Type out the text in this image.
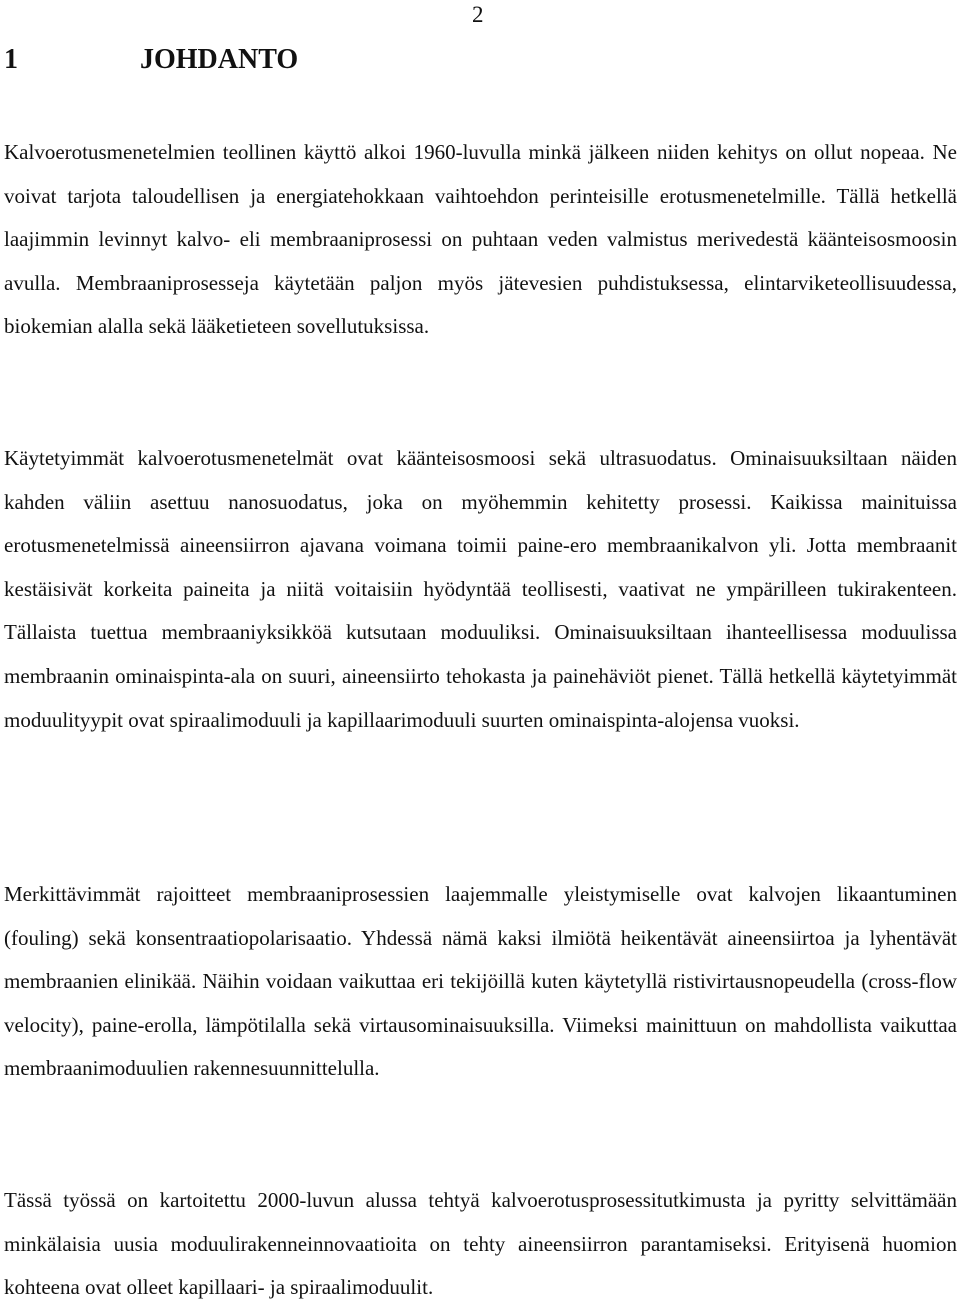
2
1	JOHDANTO

Kalvoerotusmenetelmien teollinen käyttö alkoi 1960-luvulla minkä jälkeen niiden kehitys on ollut nopeaa. Ne voivat tarjota taloudellisen ja energiatehokkaan vaihtoehdon perinteisille erotusmenetelmille. Tällä hetkellä laajimmin levinnyt kalvo- eli membraaniprosessi on puhtaan veden valmistus merivedestä käänteisosmoosin avulla. Membraaniprosesseja käytetään paljon myös jätevesien puhdistuksessa, elintarviketeollisuudessa, biokemian alalla sekä lääketieteen sovellutuksissa.

Käytetyimmät kalvoerotusmenetelmät ovat käänteisosmoosi sekä ultrasuodatus. Ominaisuuksiltaan näiden kahden väliin asettuu nanosuodatus, joka on myöhemmin kehitetty prosessi. Kaikissa mainituissa erotusmenetelmissä aineensiirron ajavana voimana toimii paine-ero membraanikalvon yli. Jotta membraanit kestäisivät korkeita paineita ja niitä voitaisiin hyödyntää teollisesti, vaativat ne ympärilleen tukirakenteen. Tällaista tuettua membraaniyksikköä kutsutaan moduuliksi. Ominaisuuksiltaan ihanteellisessa moduulissa membraanin ominaispinta-ala on suuri, aineensiirto tehokasta ja painehäviöt pienet. Tällä hetkellä käytetyimmät moduulityypit ovat spiraalimoduuli ja kapillaarimoduuli suurten ominaispinta-alojensa vuoksi.

Merkittävimmät rajoitteet membraaniprosessien laajemmalle yleistymiselle ovat kalvojen likaantuminen (fouling) sekä konsentraatiopolarisaatio. Yhdessä nämä kaksi ilmiötä heikentävät aineensiirtoa ja lyhentävät membraanien elinikää. Näihin voidaan vaikuttaa eri tekijöillä kuten käytetyllä ristivirtausnopeudella (cross-flow velocity), paine-erolla, lämpötilalla sekä virtausominaisuuksilla. Viimeksi mainittuun on mahdollista vaikuttaa membraanimoduulien rakennesuunnittelulla.

Tässä työssä on kartoitettu 2000-luvun alussa tehtyä kalvoerotusprosessitutkimusta ja pyritty selvittämään minkälaisia uusia moduulirakenneinnovaatioita on tehty aineensiirron parantamiseksi. Erityisenä huomion kohteena ovat olleet kapillaari- ja spiraalimoduulit.
